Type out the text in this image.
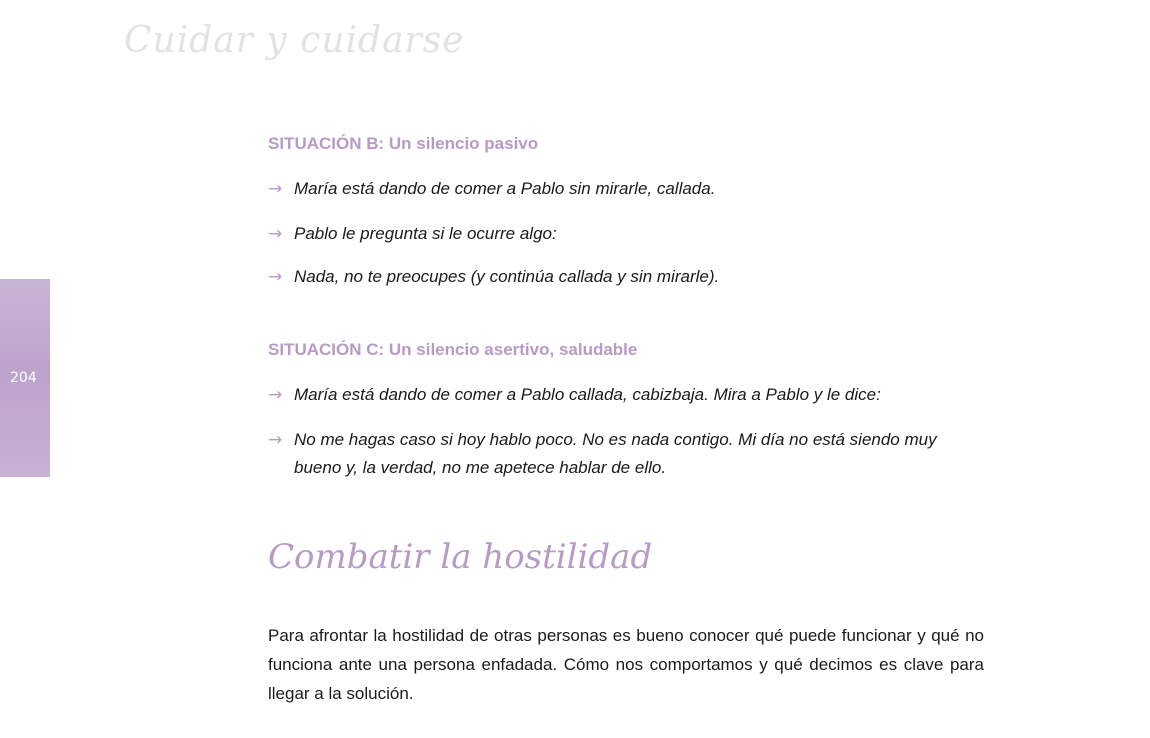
Cuidar y cuidarse
204
SITUACIÓN B: Un silencio pasivo
→ María está dando de comer a Pablo sin mirarle, callada.
→ Pablo le pregunta si le ocurre algo:
→ Nada, no te preocupes (y continúa callada y sin mirarle).
SITUACIÓN C: Un silencio asertivo, saludable
→ María está dando de comer a Pablo callada, cabizbaja. Mira a Pablo y le dice:
→ No me hagas caso si hoy hablo poco. No es nada contigo. Mi día no está siendo muy bueno y, la verdad, no me apetece hablar de ello.
Combatir la hostilidad

Para afrontar la hostilidad de otras personas es bueno conocer qué puede funcionar y qué no funciona ante una persona enfadada. Cómo nos comportamos y qué decimos es clave para llegar a la solución.
